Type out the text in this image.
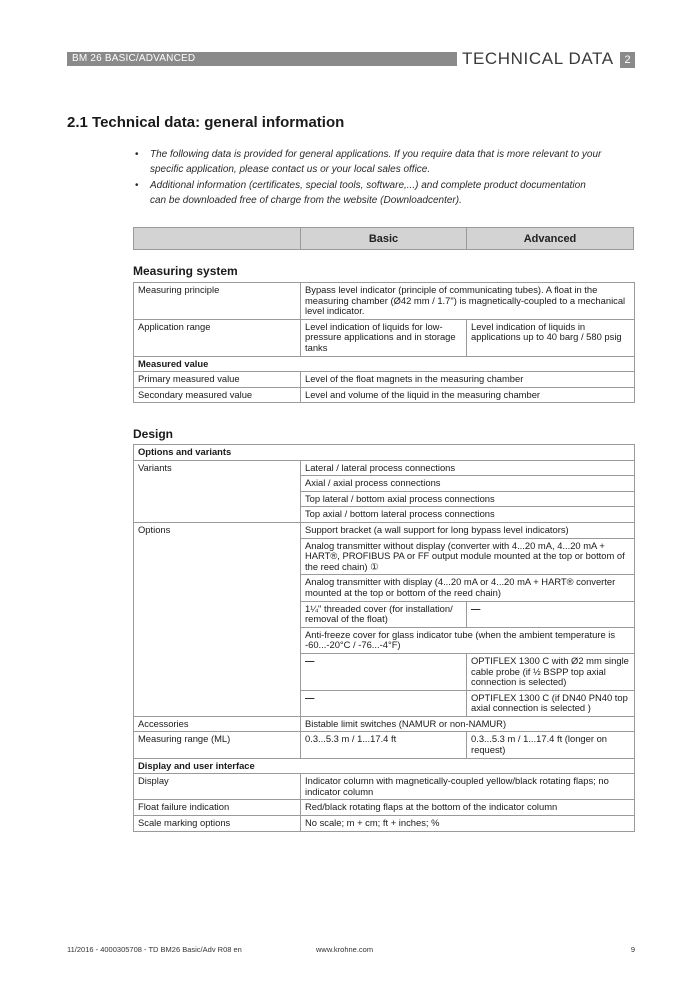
BM 26 BASIC/ADVANCED	TECHNICAL DATA 2
2.1 Technical data: general information
• The following data is provided for general applications. If you require data that is more relevant to your specific application, please contact us or your local sales office.
• Additional information (certificates, special tools, software,...) and complete product documentation can be downloaded free of charge from the website (Downloadcenter).
Basic	Advanced
Measuring system
Measuring principle	Bypass level indicator (principle of communicating tubes). A float in the measuring chamber (Ø42 mm / 1.7") is magnetically-coupled to a mechanical level indicator.	
Application range	Level indication of liquids for low-pressure applications and in storage tanks	Level indication of liquids in applications up to 40 barg / 580 psig
Measured value		
Primary measured value	Level of the float magnets in the measuring chamber	
Secondary measured value	Level and volume of the liquid in the measuring chamber	
Design
Options and variants		
Variants	Lateral / lateral process connections	
	Axial / axial process connections	
	Top lateral / bottom axial process connections	
	Top axial / bottom lateral process connections	
Options	Support bracket (a wall support for long bypass level indicators)	
	Analog transmitter without display (converter with 4...20 mA, 4...20 mA + HART®, PROFIBUS PA or FF output module mounted at the top or bottom of the reed chain) ①	
	Analog transmitter with display (4...20 mA or 4...20 mA + HART® converter mounted at the top or bottom of the reed chain)	
	1¼" threaded cover (for installation/ removal of the float)	—
	Anti-freeze cover for glass indicator tube (when the ambient temperature is -60...-20°C / -76...-4°F)	
	—	OPTIFLEX 1300 C with Ø2 mm single cable probe (if ½ BSPP top axial connection is selected)
	—	OPTIFLEX 1300 C (if DN40 PN40 top axial connection is selected )
Accessories	Bistable limit switches (NAMUR or non-NAMUR)	
Measuring range (ML)	0.3...5.3 m / 1...17.4 ft	0.3...5.3 m / 1...17.4 ft (longer on request)
Display and user interface		
Display	Indicator column with magnetically-coupled yellow/black rotating flaps; no indicator column	
Float failure indication	Red/black rotating flaps at the bottom of the indicator column	
Scale marking options	No scale; m + cm; ft + inches; %	
11/2016 - 4000305708 - TD BM26 Basic/Adv R08 en	www.krohne.com	9
